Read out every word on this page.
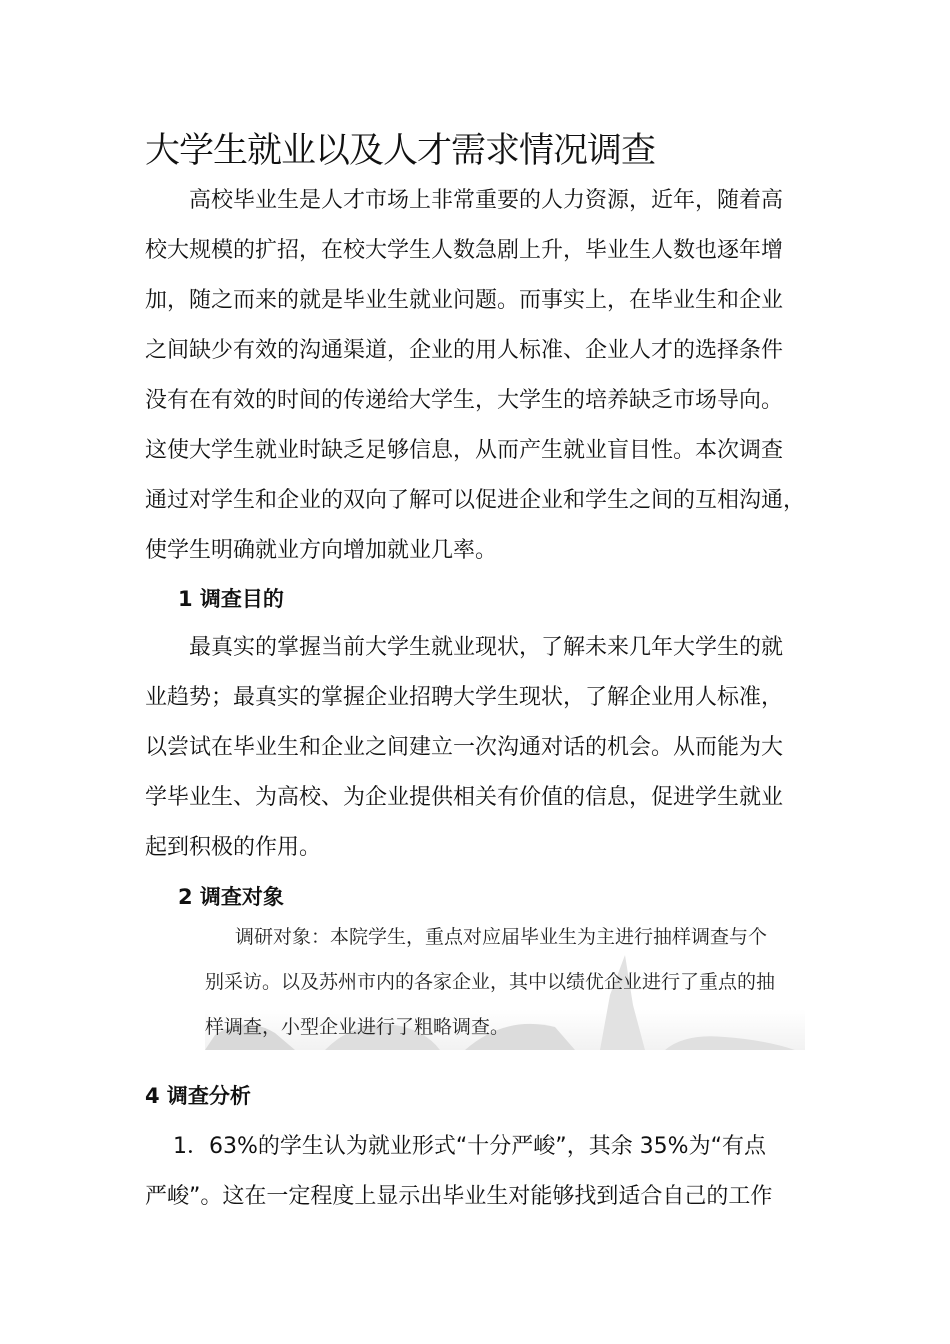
大学生就业以及人才需求情况调查
高校毕业生是人才市场上非常重要的人力资源，近年，随着高
校大规模的扩招，在校大学生人数急剧上升，毕业生人数也逐年增
加，随之而来的就是毕业生就业问题。而事实上，在毕业生和企业
之间缺少有效的沟通渠道，企业的用人标准、企业人才的选择条件
没有在有效的时间的传递给大学生，大学生的培养缺乏市场导向。
这使大学生就业时缺乏足够信息，从而产生就业盲目性。本次调查
通过对学生和企业的双向了解可以促进企业和学生之间的互相沟通，
使学生明确就业方向增加就业几率。
1 调查目的
最真实的掌握当前大学生就业现状，了解未来几年大学生的就
业趋势；最真实的掌握企业招聘大学生现状，了解企业用人标准，
以尝试在毕业生和企业之间建立一次沟通对话的机会。从而能为大
学毕业生、为高校、为企业提供相关有价值的信息，促进学生就业
起到积极的作用。
2 调查对象
调研对象：本院学生，重点对应届毕业生为主进行抽样调查与个
别采访。以及苏州市内的各家企业，其中以绩优企业进行了重点的抽
样调查，小型企业进行了粗略调查。
4 调查分析
1．63%的学生认为就业形式“十分严峻”，其余 35%为“有点
严峻”。这在一定程度上显示出毕业生对能够找到适合自己的工作
